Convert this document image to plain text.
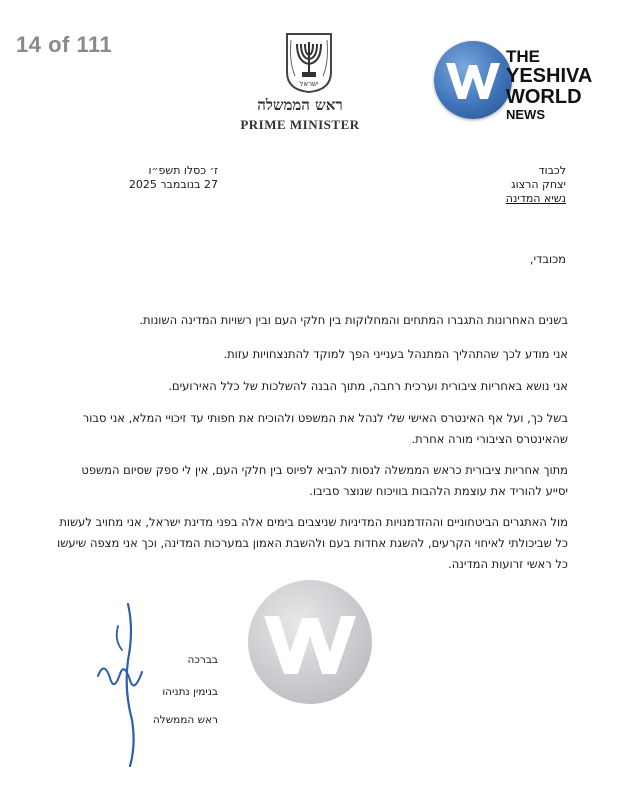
14 of 111
ישראל
ראש הממשלה
PRIME MINISTER
THE
YESHIVA
WORLD
NEWS
ז׳ כסלו תשפ״ו
27 בנובמבר 2025
לכבוד
יצחק הרצוג
נשיא המדינה
מכובדי,
בשנים האחרונות התגברו המתחים והמחלוקות בין חלקי העם ובין רשויות המדינה השונות.
אני מודע לכך שהתהליך המתנהל בענייני הפך למוקד להתנצחויות עזות.
אני נושא באחריות ציבורית וערכית רחבה, מתוך הבנה להשלכות של כלל האירועים.
בשל כך, ועל אף האינטרס האישי שלי לנהל את המשפט ולהוכיח את חפותי עד זיכויי המלא, אני סבור שהאינטרס הציבורי מורה אחרת.
מתוך אחריות ציבורית כראש הממשלה לנסות להביא לפיוס בין חלקי העם, אין לי ספק שסיום המשפט יסייע להוריד את עוצמת הלהבות בוויכוח שנוצר סביבו.
מול האתגרים הביטחוניים וההזדמנויות המדיניות שניצבים בימים אלה בפני מדינת ישראל, אני מחויב לעשות כל שביכולתי לאיחוי הקרעים, להשגת אחדות בעם ולהשבת האמון במערכות המדינה, וכך אני מצפה שיעשו כל ראשי זרועות המדינה.
בברכה
בנימין נתניהו
ראש הממשלה
